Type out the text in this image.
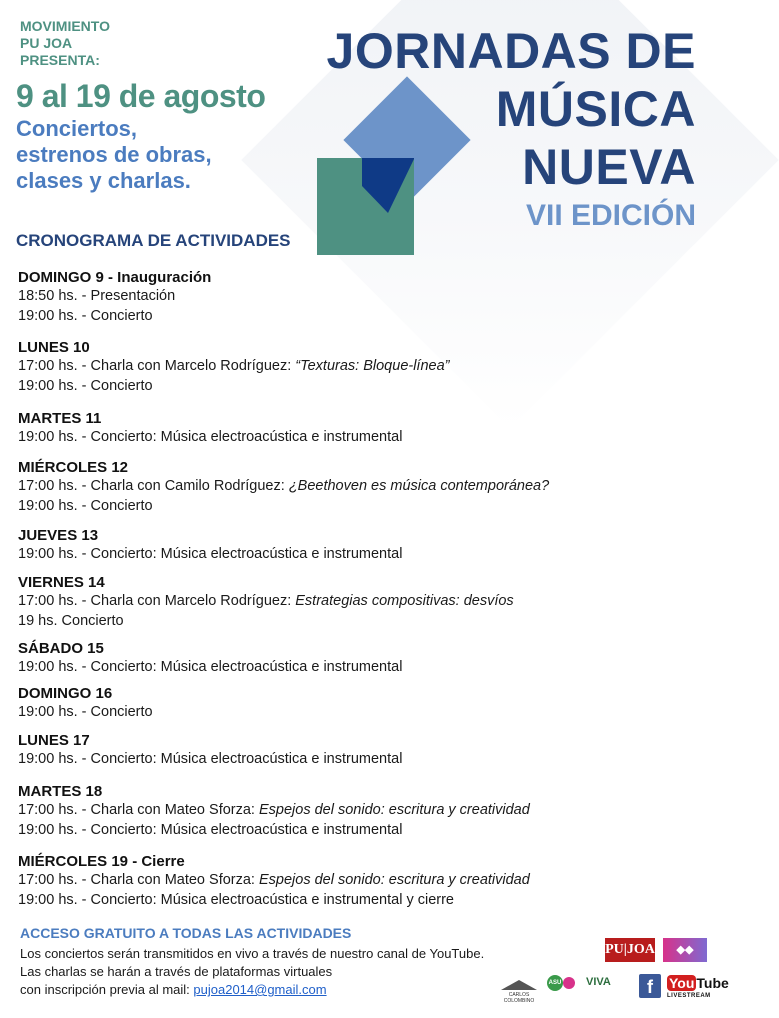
MOVIMIENTO
PU JOA
PRESENTA:
9 al 19 de agosto
Conciertos,
estrenos de obras,
clases y charlas.
JORNADAS DE
MÚSICA
NUEVA
VII EDICIÓN
CRONOGRAMA DE ACTIVIDADES
DOMINGO 9 - Inauguración
18:50 hs. - Presentación
19:00 hs. - Concierto
LUNES 10
17:00 hs. - Charla con Marcelo Rodríguez: “Texturas: Bloque-línea”
19:00 hs. - Concierto
MARTES 11
19:00 hs. - Concierto: Música electroacústica e instrumental
MIÉRCOLES 12
17:00 hs. - Charla con Camilo Rodríguez: ¿Beethoven es música contemporánea?
19:00 hs. - Concierto
JUEVES 13
19:00 hs. - Concierto: Música electroacústica e instrumental
VIERNES 14
17:00 hs. - Charla con Marcelo Rodríguez: Estrategias compositivas: desvíos
19 hs. Concierto
SÁBADO 15
19:00 hs. - Concierto: Música electroacústica e instrumental
DOMINGO 16
19:00 hs. - Concierto
LUNES 17
19:00 hs. - Concierto: Música electroacústica e instrumental
MARTES 18
17:00 hs. - Charla con Mateo Sforza: Espejos del sonido: escritura y creatividad
19:00 hs. - Concierto: Música electroacústica e instrumental
MIÉRCOLES 19 - Cierre
17:00 hs. - Charla con Mateo Sforza: Espejos del sonido: escritura y creatividad
19:00 hs. - Concierto: Música electroacústica e instrumental y cierre
ACCESO GRATUITO A TODAS LAS ACTIVIDADES
Los conciertos serán transmitidos en vivo a través de nuestro canal de YouTube.
Las charlas se harán a través de plataformas virtuales
con inscripción previa al mail: pujoa2014@gmail.com
PU|JOA	◆◆
CARLOS COLOMBINO
ASU VIVA	f	You Tube
LIVESTREAM
